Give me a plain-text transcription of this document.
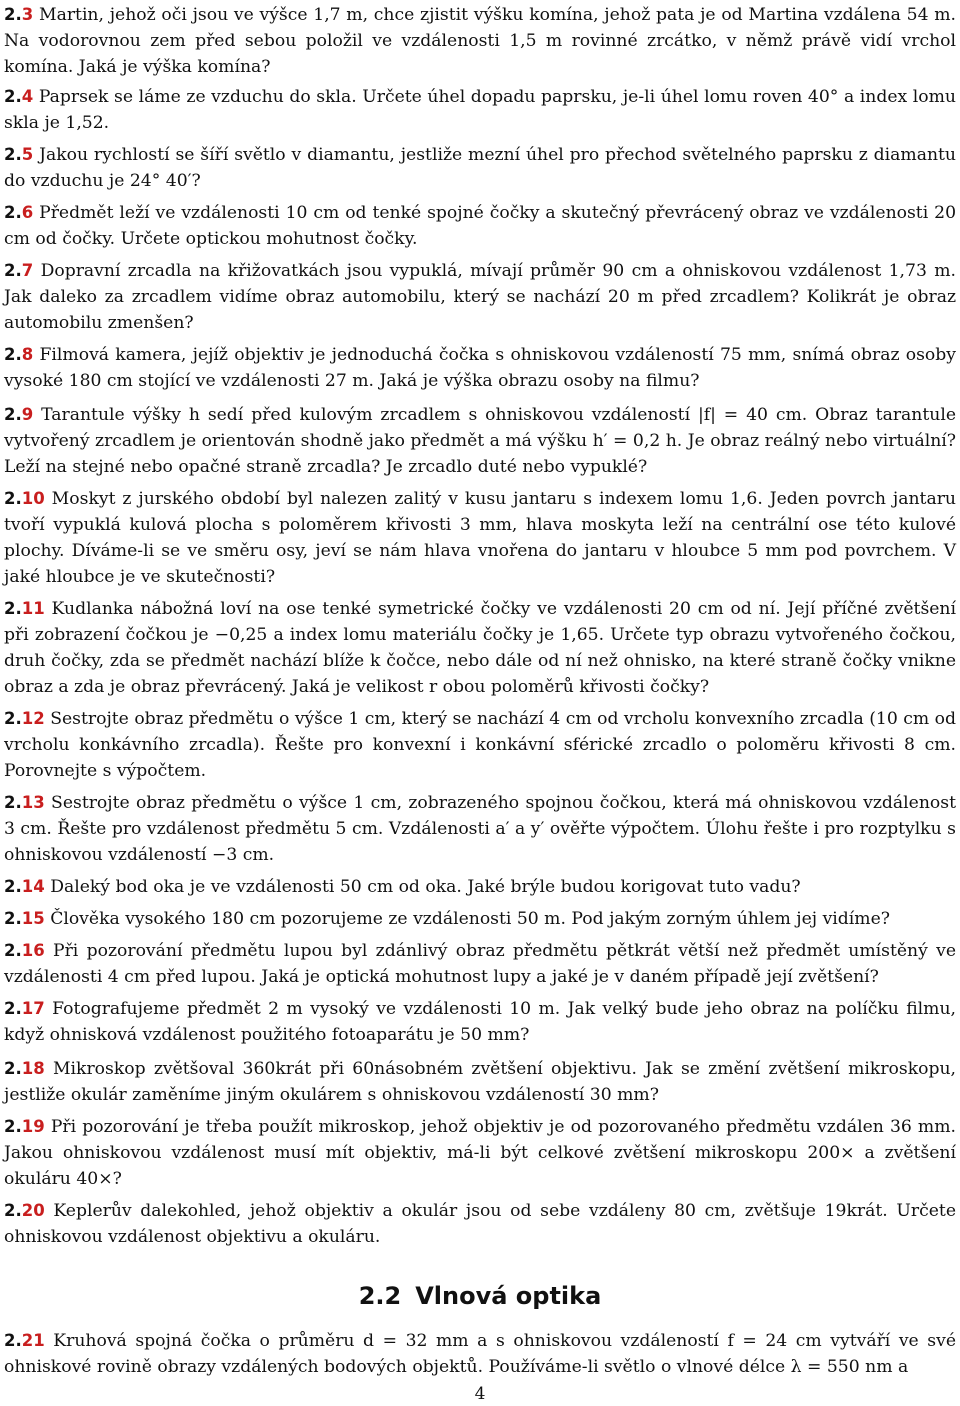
2.3 Martin, jehož oči jsou ve výšce 1,7 m, chce zjistit výšku komína, jehož pata je od Martina vzdálena 54 m. Na vodorovnou zem před sebou položil ve vzdálenosti 1,5 m rovinné zrcátko, v němž právě vidí vrchol komína. Jaká je výška komína?
2.4 Paprsek se láme ze vzduchu do skla. Určete úhel dopadu paprsku, je-li úhel lomu roven 40° a index lomu skla je 1,52.
2.5 Jakou rychlostí se šíří světlo v diamantu, jestliže mezní úhel pro přechod světelného paprsku z diamantu do vzduchu je 24° 40′?
2.6 Předmět leží ve vzdálenosti 10 cm od tenké spojné čočky a skutečný převrácený obraz ve vzdálenosti 20 cm od čočky. Určete optickou mohutnost čočky.
2.7 Dopravní zrcadla na křižovatkách jsou vypuklá, mívají průměr 90 cm a ohniskovou vzdálenost 1,73 m. Jak daleko za zrcadlem vidíme obraz automobilu, který se nachází 20 m před zrcadlem? Kolikrát je obraz automobilu zmenšen?
2.8 Filmová kamera, jejíž objektiv je jednoduchá čočka s ohniskovou vzdáleností 75 mm, snímá obraz osoby vysoké 180 cm stojící ve vzdálenosti 27 m. Jaká je výška obrazu osoby na filmu?
2.9 Tarantule výšky h sedí před kulovým zrcadlem s ohniskovou vzdáleností |f| = 40 cm. Obraz tarantule vytvořený zrcadlem je orientován shodně jako předmět a má výšku h′ = 0,2 h. Je obraz reálný nebo virtuální? Leží na stejné nebo opačné straně zrcadla? Je zrcadlo duté nebo vypuklé?
2.10 Moskyt z jurského období byl nalezen zalitý v kusu jantaru s indexem lomu 1,6. Jeden povrch jantaru tvoří vypuklá kulová plocha s poloměrem křivosti 3 mm, hlava moskyta leží na centrální ose této kulové plochy. Díváme-li se ve směru osy, jeví se nám hlava vnořena do jantaru v hloubce 5 mm pod povrchem. V jaké hloubce je ve skutečnosti?
2.11 Kudlanka nábožná loví na ose tenké symetrické čočky ve vzdálenosti 20 cm od ní. Její příčné zvětšení při zobrazení čočkou je −0,25 a index lomu materiálu čočky je 1,65. Určete typ obrazu vytvořeného čočkou, druh čočky, zda se předmět nachází blíže k čočce, nebo dále od ní než ohnisko, na které straně čočky vnikne obraz a zda je obraz převrácený. Jaká je velikost r obou poloměrů křivosti čočky?
2.12 Sestrojte obraz předmětu o výšce 1 cm, který se nachází 4 cm od vrcholu konvexního zrcadla (10 cm od vrcholu konkávního zrcadla). Řešte pro konvexní i konkávní sférické zrcadlo o poloměru křivosti 8 cm. Porovnejte s výpočtem.
2.13 Sestrojte obraz předmětu o výšce 1 cm, zobrazeného spojnou čočkou, která má ohniskovou vzdálenost 3 cm. Řešte pro vzdálenost předmětu 5 cm. Vzdálenosti a′ a y′ ověřte výpočtem. Úlohu řešte i pro rozptylku s ohniskovou vzdáleností −3 cm.
2.14 Daleký bod oka je ve vzdálenosti 50 cm od oka. Jaké brýle budou korigovat tuto vadu?
2.15 Člověka vysokého 180 cm pozorujeme ze vzdálenosti 50 m. Pod jakým zorným úhlem jej vidíme?
2.16 Při pozorování předmětu lupou byl zdánlivý obraz předmětu pětkrát větší než předmět umístěný ve vzdálenosti 4 cm před lupou. Jaká je optická mohutnost lupy a jaké je v daném případě její zvětšení?
2.17 Fotografujeme předmět 2 m vysoký ve vzdálenosti 10 m. Jak velký bude jeho obraz na políčku filmu, když ohnisková vzdálenost použitého fotoaparátu je 50 mm?
2.18 Mikroskop zvětšoval 360krát při 60násobném zvětšení objektivu. Jak se změní zvětšení mikroskopu, jestliže okulár zaměníme jiným okulárem s ohniskovou vzdáleností 30 mm?
2.19 Při pozorování je třeba použít mikroskop, jehož objektiv je od pozorovaného předmětu vzdálen 36 mm. Jakou ohniskovou vzdálenost musí mít objektiv, má-li být celkové zvětšení mikroskopu 200× a zvětšení okuláru 40×?
2.20 Keplerův dalekohled, jehož objektiv a okulár jsou od sebe vzdáleny 80 cm, zvětšuje 19krát. Určete ohniskovou vzdálenost objektivu a okuláru.
2.2 Vlnová optika
2.21 Kruhová spojná čočka o průměru d = 32 mm a s ohniskovou vzdáleností f = 24 cm vytváří ve své ohniskové rovině obrazy vzdálených bodových objektů. Používáme-li světlo o vlnové délce λ = 550 nm a
4
